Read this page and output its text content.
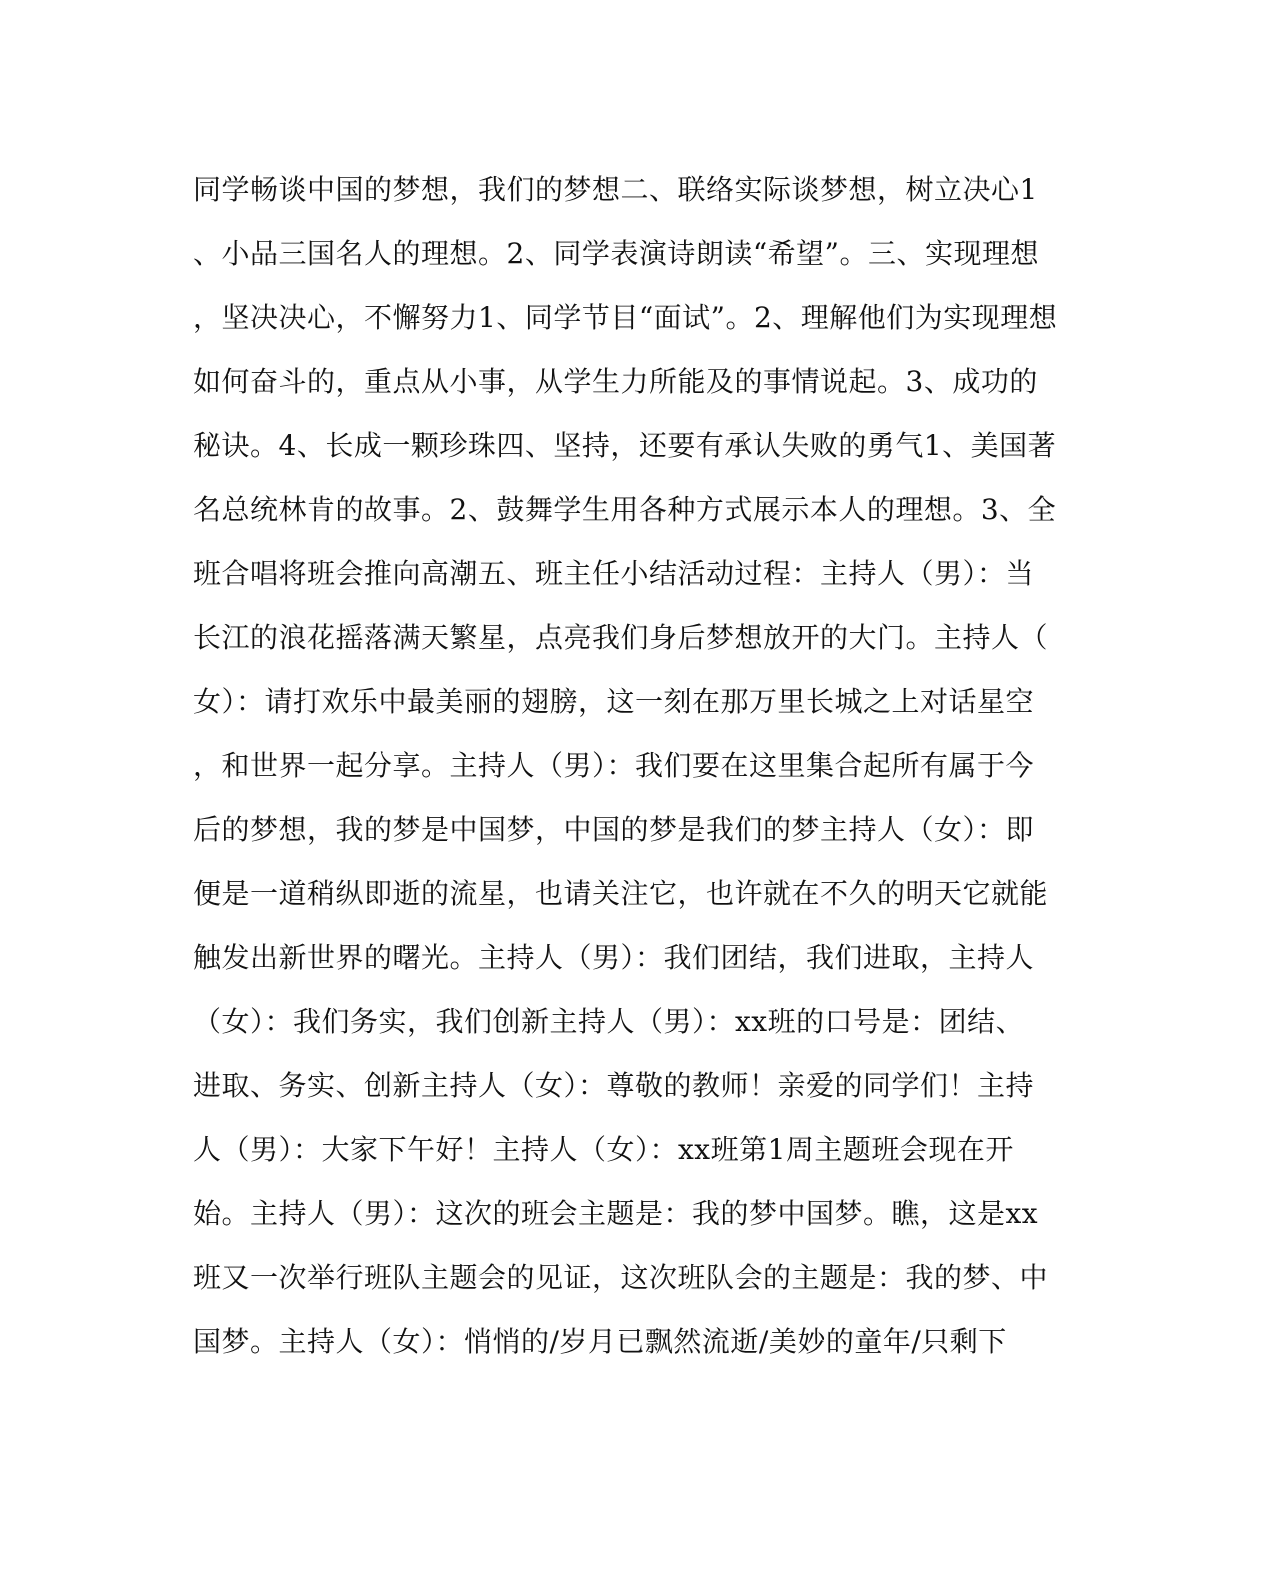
同学畅谈中国的梦想，我们的梦想二、联络实际谈梦想，树立决心1
、小品三国名人的理想。2、同学表演诗朗读“希望”。三、实现理想
，坚决决心，不懈努力1、同学节目“面试”。2、理解他们为实现理想
如何奋斗的，重点从小事，从学生力所能及的事情说起。3、成功的
秘诀。4、长成一颗珍珠四、坚持，还要有承认失败的勇气1、美国著
名总统林肯的故事。2、鼓舞学生用各种方式展示本人的理想。3、全
班合唱将班会推向高潮五、班主任小结活动过程：主持人（男）：当
长江的浪花摇落满天繁星，点亮我们身后梦想放开的大门。主持人（
女）：请打欢乐中最美丽的翅膀，这一刻在那万里长城之上对话星空
，和世界一起分享。主持人（男）：我们要在这里集合起所有属于今
后的梦想，我的梦是中国梦，中国的梦是我们的梦主持人（女）：即
便是一道稍纵即逝的流星，也请关注它，也许就在不久的明天它就能
触发出新世界的曙光。主持人（男）：我们团结，我们进取，主持人
（女）：我们务实，我们创新主持人（男）：xx班的口号是：团结、
进取、务实、创新主持人（女）：尊敬的教师！亲爱的同学们！主持
人（男）：大家下午好！主持人（女）：xx班第1周主题班会现在开
始。主持人（男）：这次的班会主题是：我的梦中国梦。瞧，这是xx
班又一次举行班队主题会的见证，这次班队会的主题是：我的梦、中
国梦。主持人（女）：悄悄的/岁月已飘然流逝/美妙的童年/只剩下
